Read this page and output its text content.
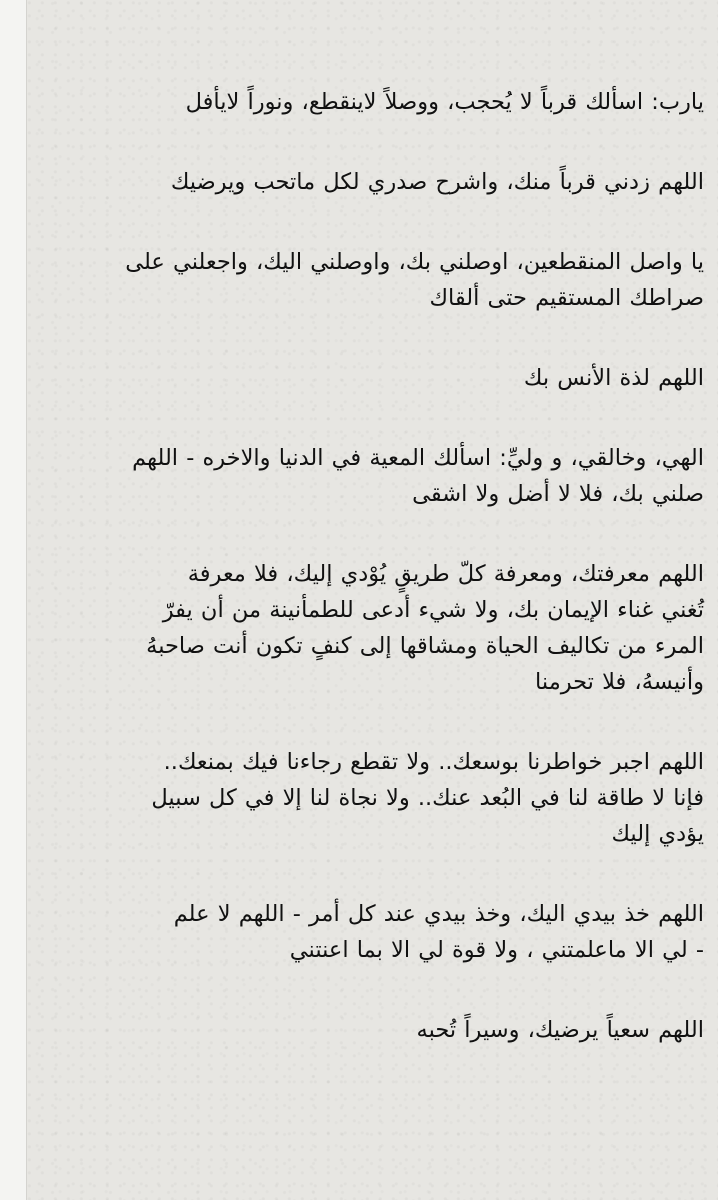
يارب: اسألك قرباً لا يُحجب، ووصلاً لاينقطع، ونوراً لايأفل

اللهم زدني قرباً منك، واشرح صدري لكل ماتحب ويرضيك

يا واصل المنقطعين، اوصلني بك، واوصلني اليك، واجعلني على
صراطك المستقيم حتى ألقاك

اللهم لذة الأنس بك

الهي، وخالقي، و وليِّ: اسألك المعية في الدنيا والاخره - اللهم
صلني بك، فلا لا أضل ولا اشقى

اللهم معرفتك، ومعرفة كلّ طريقٍ يُوْدي إليك، فلا معرفة
تُغني غناء الإيمان بك، ولا شيء أدعى للطمأنينة من أن يفرّ
المرء من تكاليف الحياة ومشاقها إلى كنفٍ تكون أنت صاحبهُ
وأنيسهُ، فلا تحرمنا

اللهم اجبر خواطرنا بوسعك.. ولا تقطع رجاءنا فيك بمنعك..
فإنا لا طاقة لنا في البُعد عنك.. ولا نجاة لنا إلا في كل سبيل
يؤدي إليك

اللهم خذ بيدي اليك، وخذ بيدي عند كل أمر - اللهم لا علم
- لي الا ماعلمتني ، ولا قوة لي الا بما اعنتني

اللهم سعياً يرضيك، وسيراً تُحبه
